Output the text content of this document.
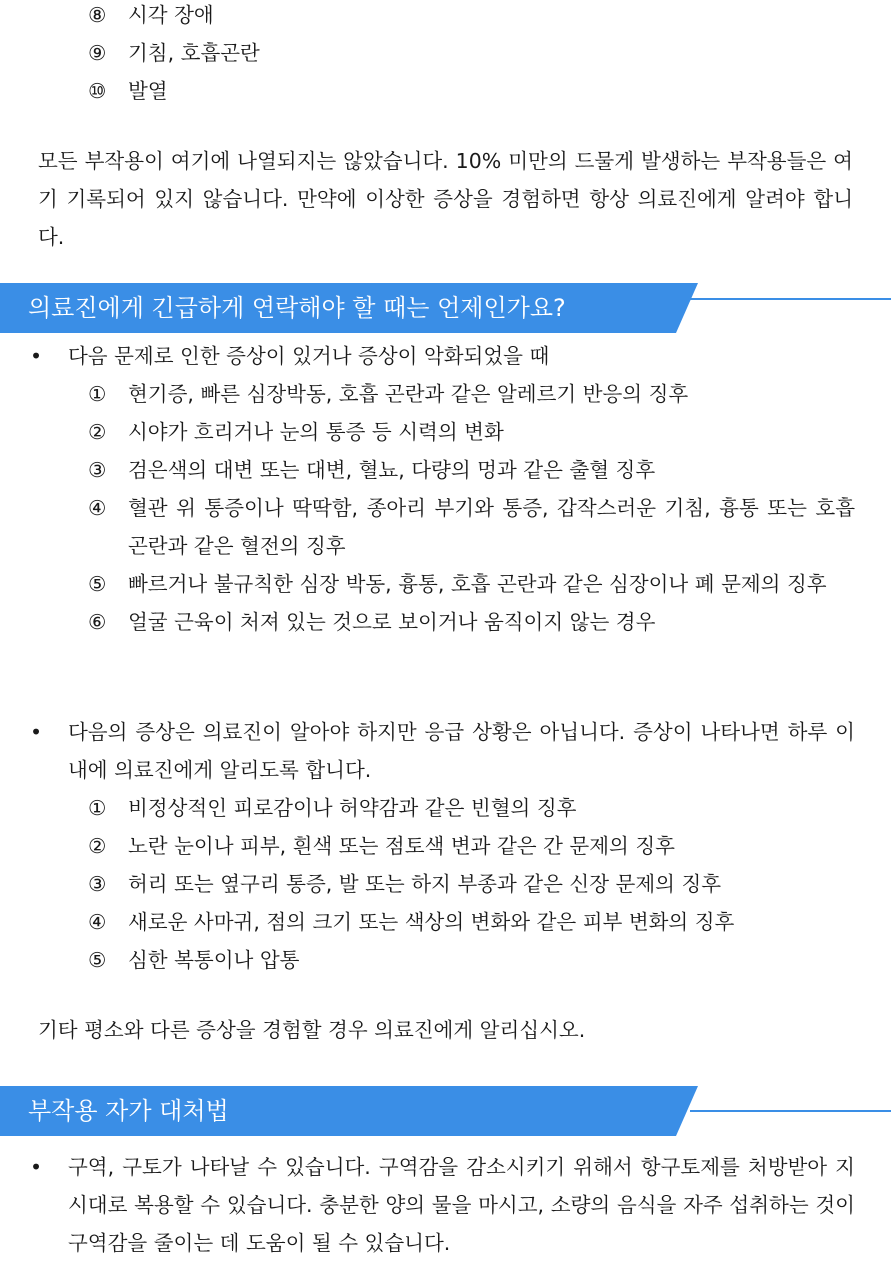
⑧	시각 장애
⑨	기침, 호흡곤란
⑩	발열

모든 부작용이 여기에 나열되지는 않았습니다. 10% 미만의 드물게 발생하는 부작용들은 여기 기록되어 있지 않습니다. 만약에 이상한 증상을 경험하면 항상 의료진에게 알려야 합니다.

의료진에게 긴급하게 연락해야 할 때는 언제인가요?
•	다음 문제로 인한 증상이 있거나 증상이 악화되었을 때
①	현기증, 빠른 심장박동, 호흡 곤란과 같은 알레르기 반응의 징후
②	시야가 흐리거나 눈의 통증 등 시력의 변화
③	검은색의 대변 또는 대변, 혈뇨, 다량의 멍과 같은 출혈 징후
④	혈관 위 통증이나 딱딱함, 종아리 부기와 통증, 갑작스러운 기침, 흉통 또는 호흡 곤란과 같은 혈전의 징후
⑤	빠르거나 불규칙한 심장 박동, 흉통, 호흡 곤란과 같은 심장이나 폐 문제의 징후
⑥	얼굴 근육이 처져 있는 것으로 보이거나 움직이지 않는 경우
•	다음의 증상은 의료진이 알아야 하지만 응급 상황은 아닙니다. 증상이 나타나면 하루 이내에 의료진에게 알리도록 합니다.
①	비정상적인 피로감이나 허약감과 같은 빈혈의 징후
②	노란 눈이나 피부, 흰색 또는 점토색 변과 같은 간 문제의 징후
③	허리 또는 옆구리 통증, 발 또는 하지 부종과 같은 신장 문제의 징후
④	새로운 사마귀, 점의 크기 또는 색상의 변화와 같은 피부 변화의 징후
⑤	심한 복통이나 압통

기타 평소와 다른 증상을 경험할 경우 의료진에게 알리십시오.

부작용 자가 대처법
•	구역, 구토가 나타날 수 있습니다. 구역감을 감소시키기 위해서 항구토제를 처방받아 지시대로 복용할 수 있습니다. 충분한 양의 물을 마시고, 소량의 음식을 자주 섭취하는 것이 구역감을 줄이는 데 도움이 될 수 있습니다.
